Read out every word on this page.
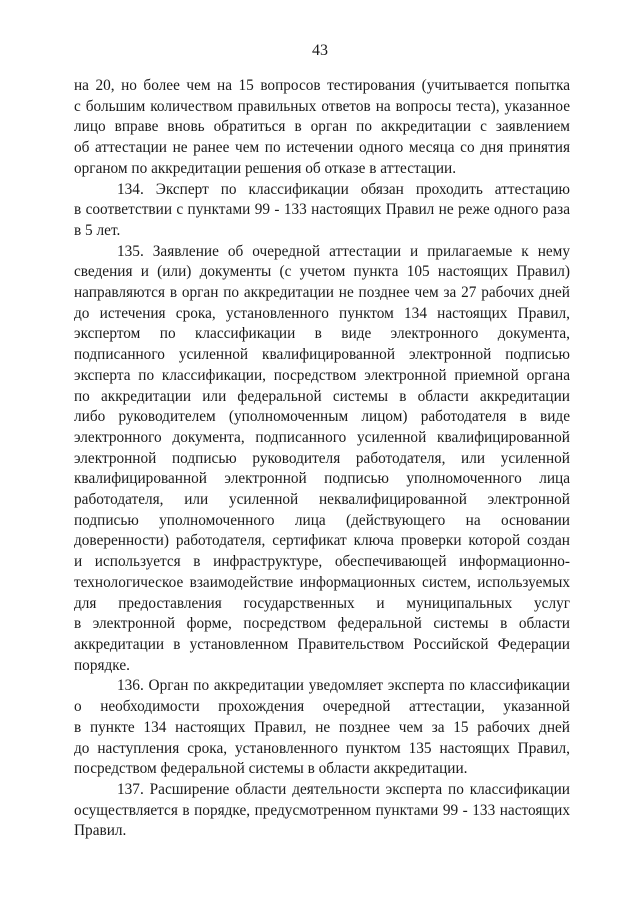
43
на 20, но более чем на 15 вопросов тестирования (учитывается попытка
с большим количеством правильных ответов на вопросы теста), указанное
лицо вправе вновь обратиться в орган по аккредитации с заявлением
об аттестации не ранее чем по истечении одного месяца со дня принятия
органом по аккредитации решения об отказе в аттестации.
134. Эксперт по классификации обязан проходить аттестацию
в соответствии с пунктами 99 - 133 настоящих Правил не реже одного раза
в 5 лет.
135. Заявление об очередной аттестации и прилагаемые к нему
сведения и (или) документы (с учетом пункта 105 настоящих Правил)
направляются в орган по аккредитации не позднее чем за 27 рабочих дней
до истечения срока, установленного пунктом 134 настоящих Правил,
экспертом по классификации в виде электронного документа,
подписанного усиленной квалифицированной электронной подписью
эксперта по классификации, посредством электронной приемной органа
по аккредитации или федеральной системы в области аккредитации
либо руководителем (уполномоченным лицом) работодателя в виде
электронного документа, подписанного усиленной квалифицированной
электронной подписью руководителя работодателя, или усиленной
квалифицированной электронной подписью уполномоченного лица
работодателя, или усиленной неквалифицированной электронной
подписью уполномоченного лица (действующего на основании
доверенности) работодателя, сертификат ключа проверки которой создан
и используется в инфраструктуре, обеспечивающей информационно-
технологическое взаимодействие информационных систем, используемых
для предоставления государственных и муниципальных услуг
в электронной форме, посредством федеральной системы в области
аккредитации в установленном Правительством Российской Федерации
порядке.
136. Орган по аккредитации уведомляет эксперта по классификации
о необходимости прохождения очередной аттестации, указанной
в пункте 134 настоящих Правил, не позднее чем за 15 рабочих дней
до наступления срока, установленного пунктом 135 настоящих Правил,
посредством федеральной системы в области аккредитации.
137. Расширение области деятельности эксперта по классификации
осуществляется в порядке, предусмотренном пунктами 99 - 133 настоящих
Правил.
